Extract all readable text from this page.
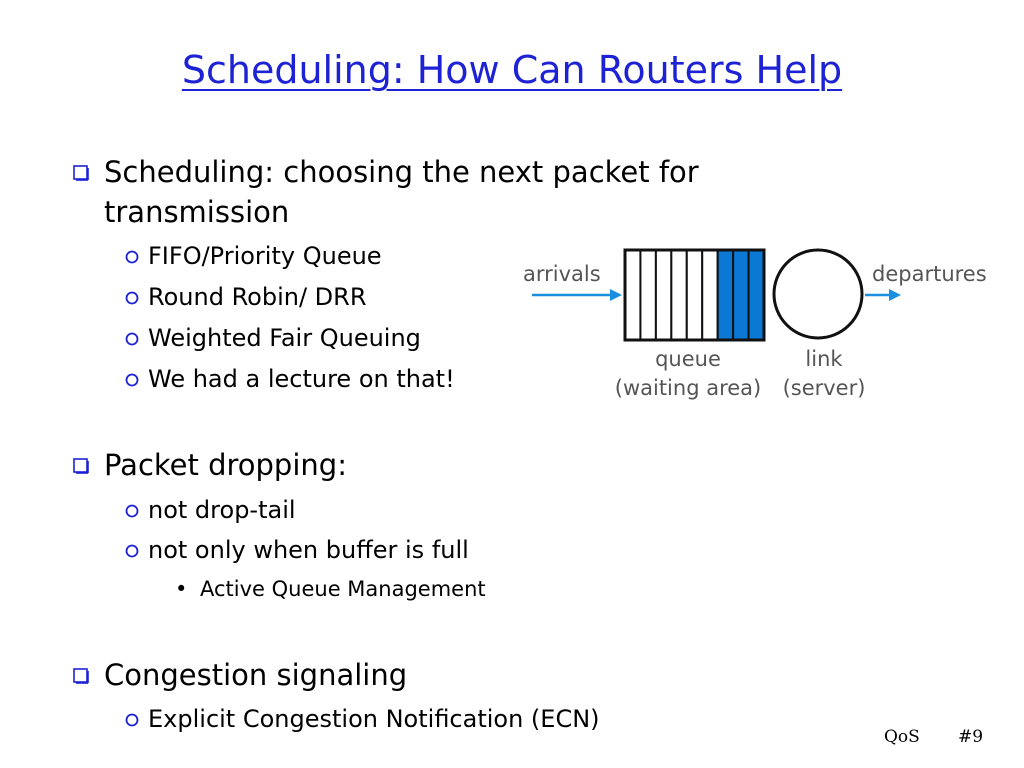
Scheduling: How Can Routers Help
Scheduling: choosing the next packet for
transmission
FIFO/Priority Queue
Round Robin/ DRR
Weighted Fair Queuing
We had a lecture on that!
Packet dropping:
not drop-tail
not only when buffer is full
• Active Queue Management
Congestion signaling
Explicit Congestion Notification (ECN)
arrivals	departures
queue
(waiting area)
link
(server)
QoS #9
